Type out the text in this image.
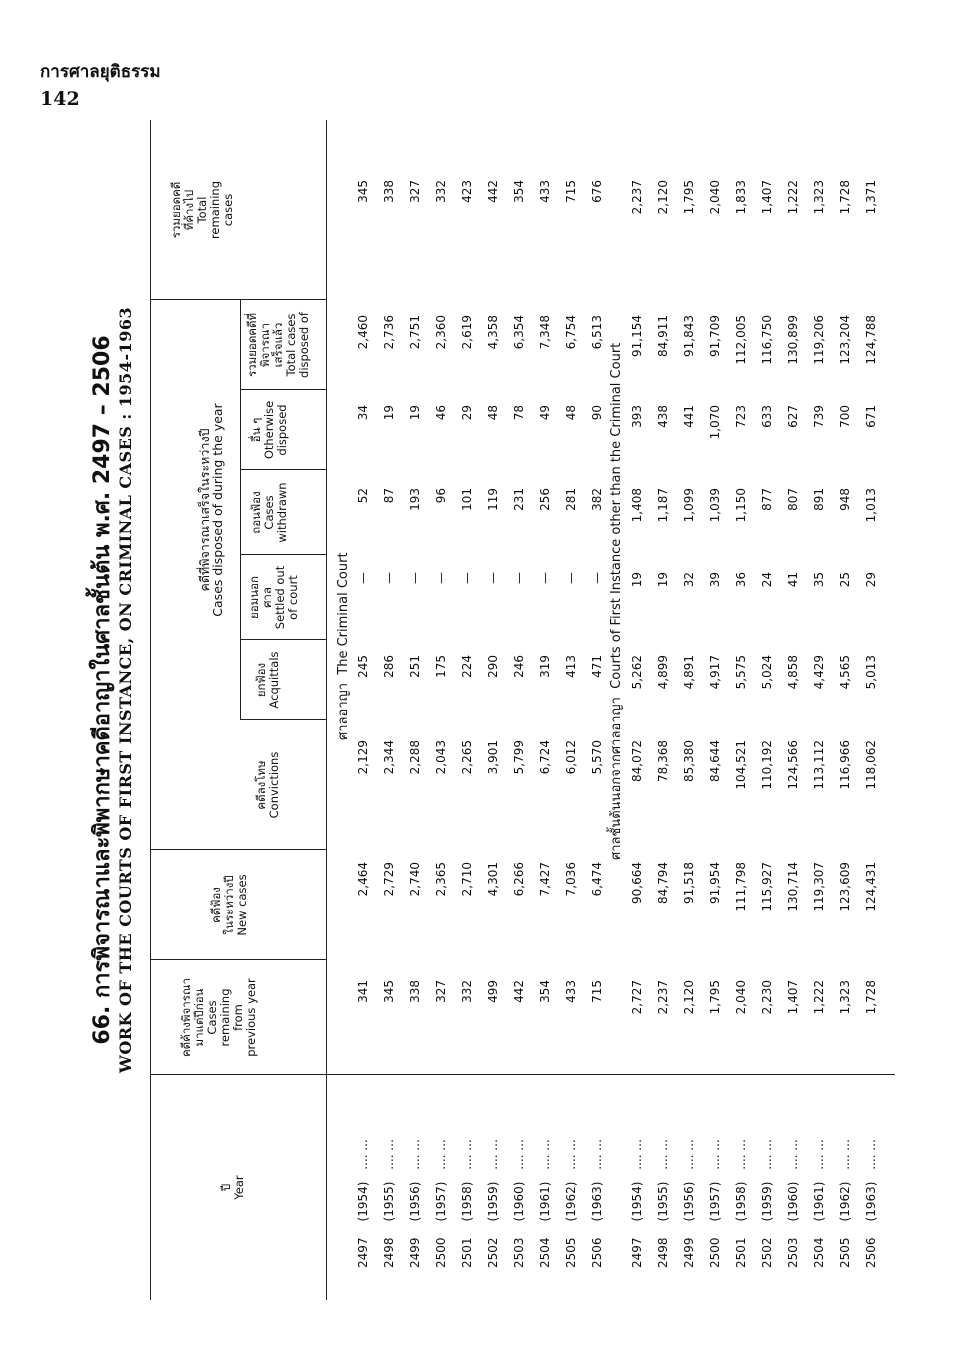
การศาลยุติธรรม
142
66. การพิจารณาและพิพากษาคดีอาญาในศาลชั้นต้น พ.ศ. 2497 – 2506 WORK OF THE COURTS OF FIRST INSTANCE, ON CRIMINAL CASES : 1954-1963
ปี Year
คดีค้างพิจารณา มาแต่ปีก่อน Cases remaining from previous year
คดีฟ้อง ในระหว่างปี New cases
คดีที่พิจารณาเสร็จในระหว่างปี
Cases disposed of during the year
คดีลงโทษ Convictions
ยกฟ้อง Acquittals
ยอมนอก ศาล Settled out of court
ถอนฟ้อง Cases withdrawn
อื่น ๆ Otherwise disposed
รวมยอดคดีที่ พิจารณา เสร็จแล้ว Total cases disposed of
รวมยอดคดี ที่ค้างไป Total remaining cases
ศาลอาญา  The Criminal Court
2497(1954) .... ...
341
2,464
2,129
245
—
52
34
2,460
345
2498(1955) .... ...
345
2,729
2,344
286
—
87
19
2,736
338
2499(1956) .... ...
338
2,740
2,288
251
—
193
19
2,751
327
2500(1957) .... ...
327
2,365
2,043
175
—
96
46
2,360
332
2501(1958) .... ...
332
2,710
2,265
224
—
101
29
2,619
423
2502(1959) .... ...
499
4,301
3,901
290
—
119
48
4,358
442
2503(1960) .... ...
442
6,266
5,799
246
—
231
78
6,354
354
2504(1961) .... ...
354
7,427
6,724
319
—
256
49
7,348
433
2505(1962) .... ...
433
7,036
6,012
413
—
281
48
6,754
715
2506(1963) .... ...
715
6,474
5,570
471
—
382
90
6,513
676
ศาลชั้นต้นนอกจากศาลอาญา  Courts of First Instance other than the Criminal Court
2497(1954) .... ...
2,727
90,664
84,072
5,262
19
1,408
393
91,154
2,237
2498(1955) .... ...
2,237
84,794
78,368
4,899
19
1,187
438
84,911
2,120
2499(1956) .... ...
2,120
91,518
85,380
4,891
32
1,099
441
91,843
1,795
2500(1957) .... ...
1,795
91,954
84,644
4,917
39
1,039
1,070
91,709
2,040
2501(1958) .... ...
2,040
111,798
104,521
5,575
36
1,150
723
112,005
1,833
2502(1959) .... ...
2,230
115,927
110,192
5,024
24
877
633
116,750
1,407
2503(1960) .... ...
1,407
130,714
124,566
4,858
41
807
627
130,899
1,222
2504(1961) .... ...
1,222
119,307
113,112
4,429
35
891
739
119,206
1,323
2505(1962) .... ...
1,323
123,609
116,966
4,565
25
948
700
123,204
1,728
2506(1963) .... ...
1,728
124,431
118,062
5,013
29
1,013
671
124,788
1,371
